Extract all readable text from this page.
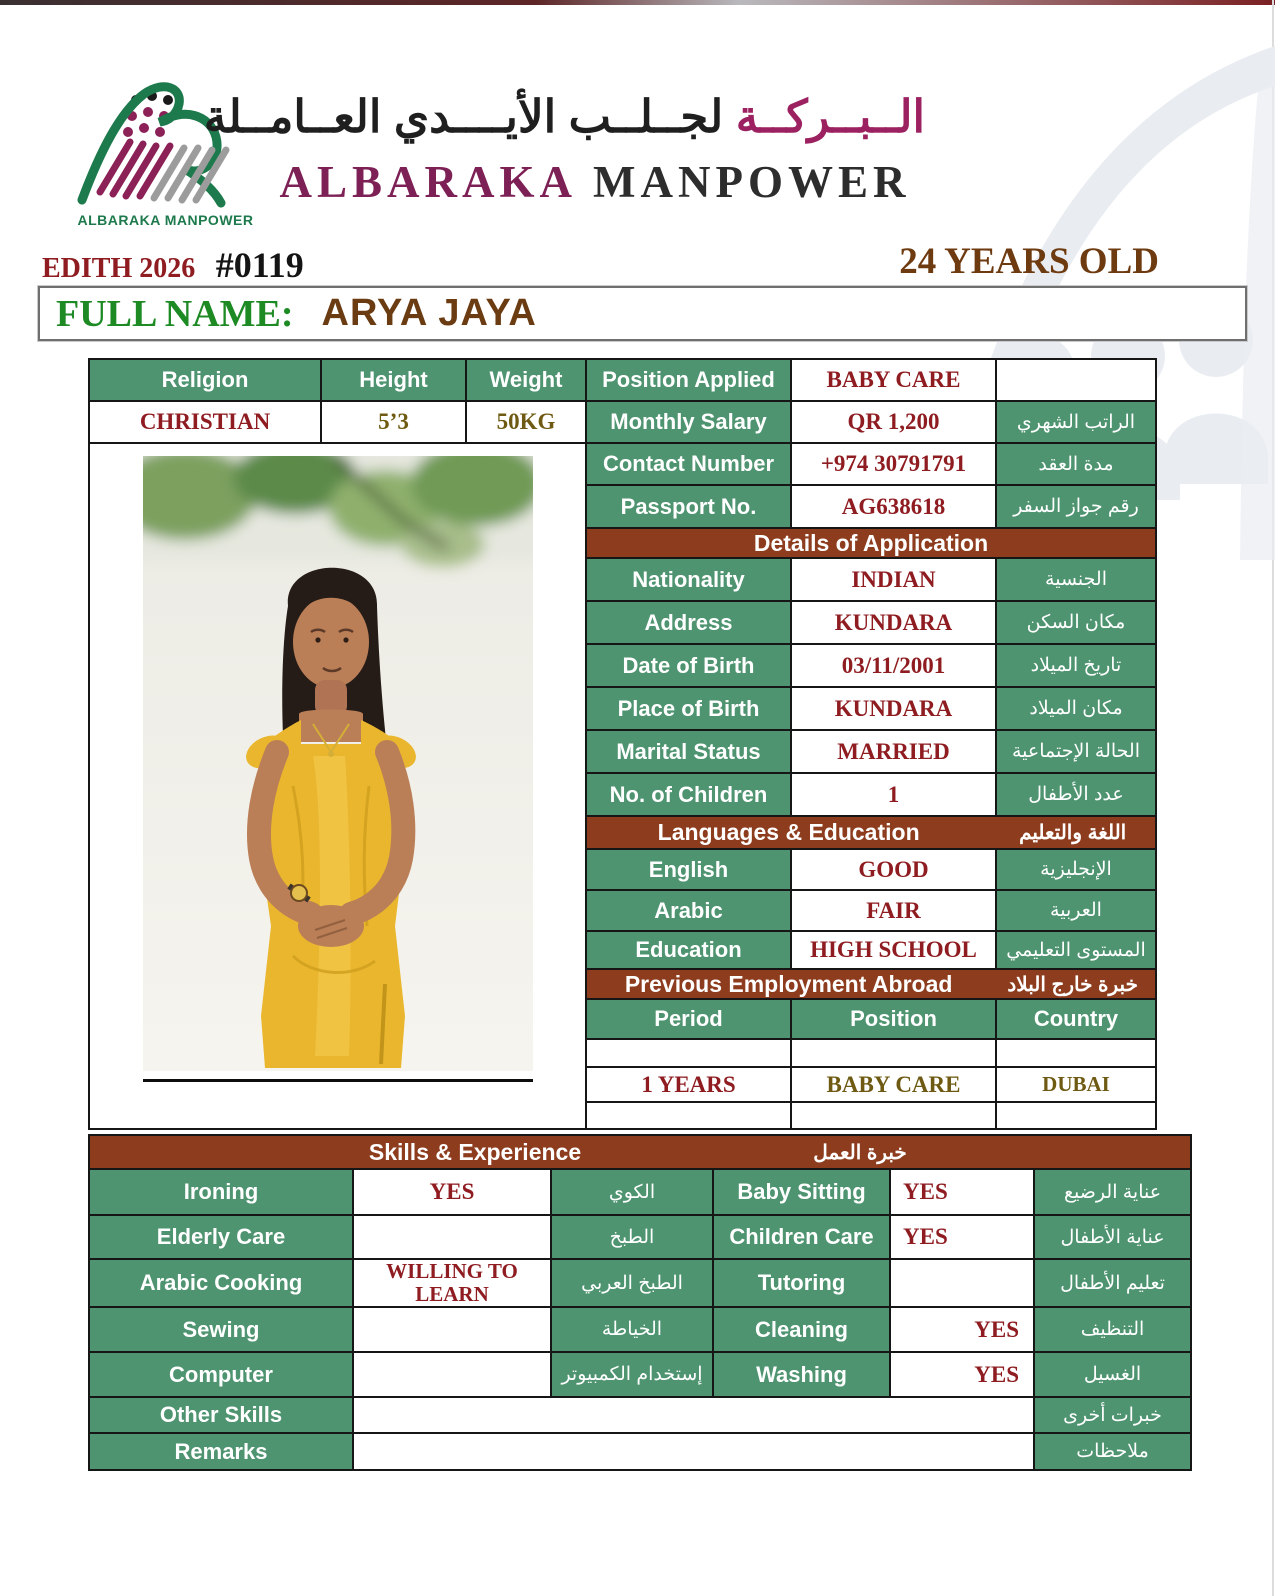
ALBARAKA MANPOWER
الــبــركــة لجــلــب الأيــــدي العــامــلة
ALBARAKA MANPOWER
EDITH 2026 #0119	24 YEARS OLD
FULL NAME: ARYA JAYA
Religion	Height	Weight	Position Applied	BABY CARE	
CHRISTIAN	5’3	50KG	Monthly Salary	QR 1,200	الراتب الشهري

	Contact Number	+974 30791791	مدة العقد
			Passport No.	AG638618	رقم جواز السفر
			Details of Application		
			Nationality	INDIAN	الجنسية
			Address	KUNDARA	مكان السكن
			Date of Birth	03/11/2001	تاريخ الميلاد
			Place of Birth	KUNDARA	مكان الميلاد
			Marital Status	MARRIED	الحالة الإجتماعية
			No. of Children	1	عدد الأطفال

Languages & Education اللغة والتعليم		

			English	GOOD	الإنجليزية
			Arabic	FAIR	العربية
			Education	HIGH SCHOOL	المستوى التعليمي

Previous Employment Abroad خبرة خارج البلاد		

			Period	Position	Country

			1 YEARS	BABY CARE	DUBAI

Skills & Experience خبرة العمل					

Ironing	YES	الكوي	Baby Sitting	YES	عناية الرضيع
Elderly Care		الطبخ	Children Care	YES	عناية الأطفال
Arabic Cooking	WILLING TO LEARN	الطبخ العربي	Tutoring		تعليم الأطفال
Sewing		الخياطة	Cleaning	YES	التنظيف
Computer		إستخدام الكمبيوتر	Washing	YES	الغسيل
Other Skills					خبرات أخرى
Remarks					ملاحظات
